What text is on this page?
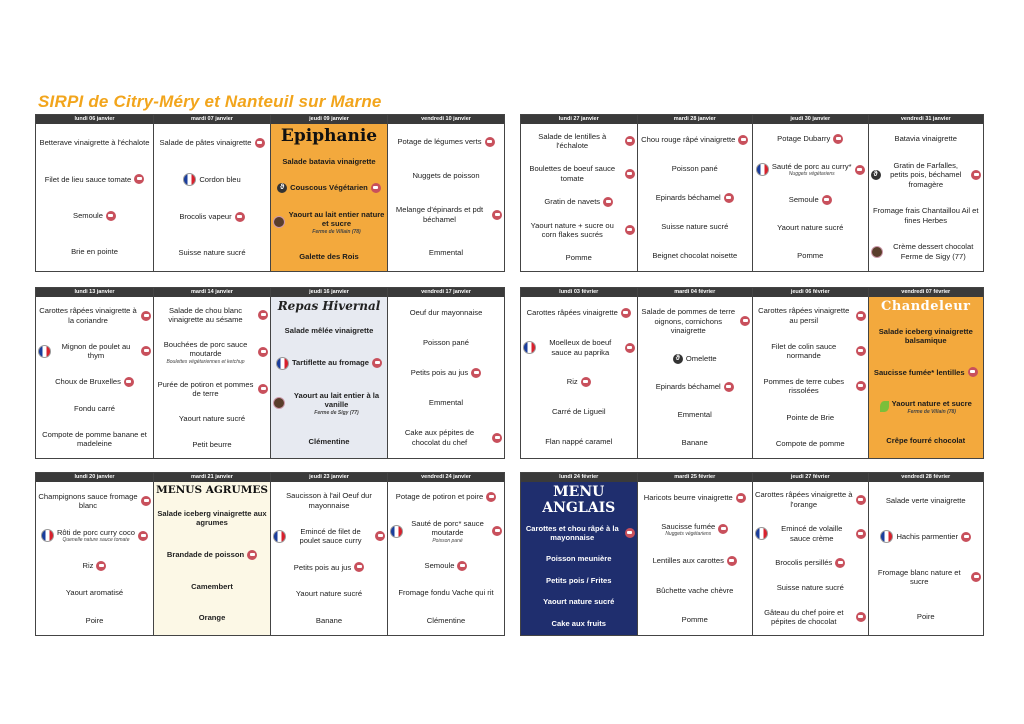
SIRPI de Citry-Méry et Nanteuil sur Marne
lundi 06 janvier
Betterave vinaigrette à l'échalote
Filet de lieu sauce tomate
Semoule
Brie en pointe
mardi 07 janvier
Salade de pâtes vinaigrette
Cordon bleu
Brocolis vapeur
Suisse nature sucré
jeudi 09 janvier
Epiphanie
Salade batavia vinaigrette
ϑ Couscous Végétarien
Yaourt au lait entier nature et sucre
Ferme de Villain (78)
Galette des Rois
vendredi 10 janvier
Potage de légumes verts
Nuggets de poisson
Melange d'épinards et pdt béchamel
Emmental
lundi 27 janvier
Salade de lentilles à l'échalote
Boulettes de boeuf sauce tomate
Gratin de navets
Yaourt nature + sucre ou corn flakes sucrés
Pomme
mardi 28 janvier
Chou rouge râpé vinaigrette
Poisson pané
Epinards béchamel
Suisse nature sucré
Beignet chocolat noisette
jeudi 30 janvier
Potage Dubarry
Sauté de porc au curry*
Nuggets végétariens
Semoule
Yaourt nature sucré
Pomme
vendredi 31 janvier
Batavia vinaigrette
ϑ
Gratin de Farfalles, petits pois, béchamel fromagère
Fromage frais Chantaillou Ail et fines Herbes
Crème dessert chocolat Ferme de Sigy (77)
lundi 13 janvier
Carottes râpées vinaigrette à la coriandre
Mignon de poulet au thym
Choux de Bruxelles
Fondu carré
Compote de pomme banane et madeleine
mardi 14 janvier
Salade de chou blanc vinaigrette au sésame
Bouchées de porc sauce moutarde
Boulettes végétariennes et ketchup
Purée de potiron et pommes de terre
Yaourt nature sucré
Petit beurre
jeudi 16 janvier
Repas Hivernal
Salade mêlée vinaigrette
Tartiflette au fromage
Yaourt au lait entier à la vanille
Ferme de Sigy (77)
Clémentine
vendredi 17 janvier
Oeuf dur mayonnaise
Poisson pané
Petits pois au jus
Emmental
Cake aux pépites de chocolat du chef
lundi 03 février
Carottes râpées vinaigrette
Moelleux de boeuf sauce au paprika
Riz
Carré de Ligueil
Flan nappé caramel
mardi 04 février
Salade de pommes de terre oignons, cornichons vinaigrette
ϑ Omelette
Epinards béchamel
Emmental
Banane
jeudi 06 février
Carottes râpées vinaigrette au persil
Filet de colin sauce normande
Pommes de terre cubes rissolées
Pointe de Brie
Compote de pomme
vendredi 07 février
Chandeleur
Salade iceberg vinaigrette balsamique
Saucisse fumée* lentilles
Yaourt nature et sucre
Ferme de Villain (78)
Crêpe fourré chocolat
lundi 20 janvier
Champignons sauce fromage blanc
Rôti de porc curry coco
Quenelle nature sauce tomate
Riz
Yaourt aromatisé
Poire
mardi 21 janvier
MENUS AGRUMES
Salade iceberg vinaigrette aux agrumes
Brandade de poisson
Camembert
Orange
jeudi 23 janvier
Saucisson à l'ail Oeuf dur mayonnaise
Emincé de filet de poulet sauce curry
Petits pois au jus
Yaourt nature sucré
Banane
vendredi 24 janvier
Potage de potiron et poire
Sauté de porc* sauce moutarde
Poisson pané
Semoule
Fromage fondu Vache qui rit
Clémentine
lundi 24 février
MENU ANGLAIS
Carottes et chou râpé à la mayonnaise
Poisson meunière
Petits pois / Frites
Yaourt nature sucré
Cake aux fruits
mardi 25 février
Haricots beurre vinaigrette
Saucisse fumée
Nuggets végétariens
Lentilles aux carottes
Bûchette vache chèvre
Pomme
jeudi 27 février
Carottes râpées vinaigrette à l'orange
Emincé de volaille sauce crème
Brocolis persillés
Suisse nature sucré
Gâteau du chef poire et pépites de chocolat
vendredi 28 février
Salade verte vinaigrette
Hachis parmentier
Fromage blanc nature et sucre
Poire
